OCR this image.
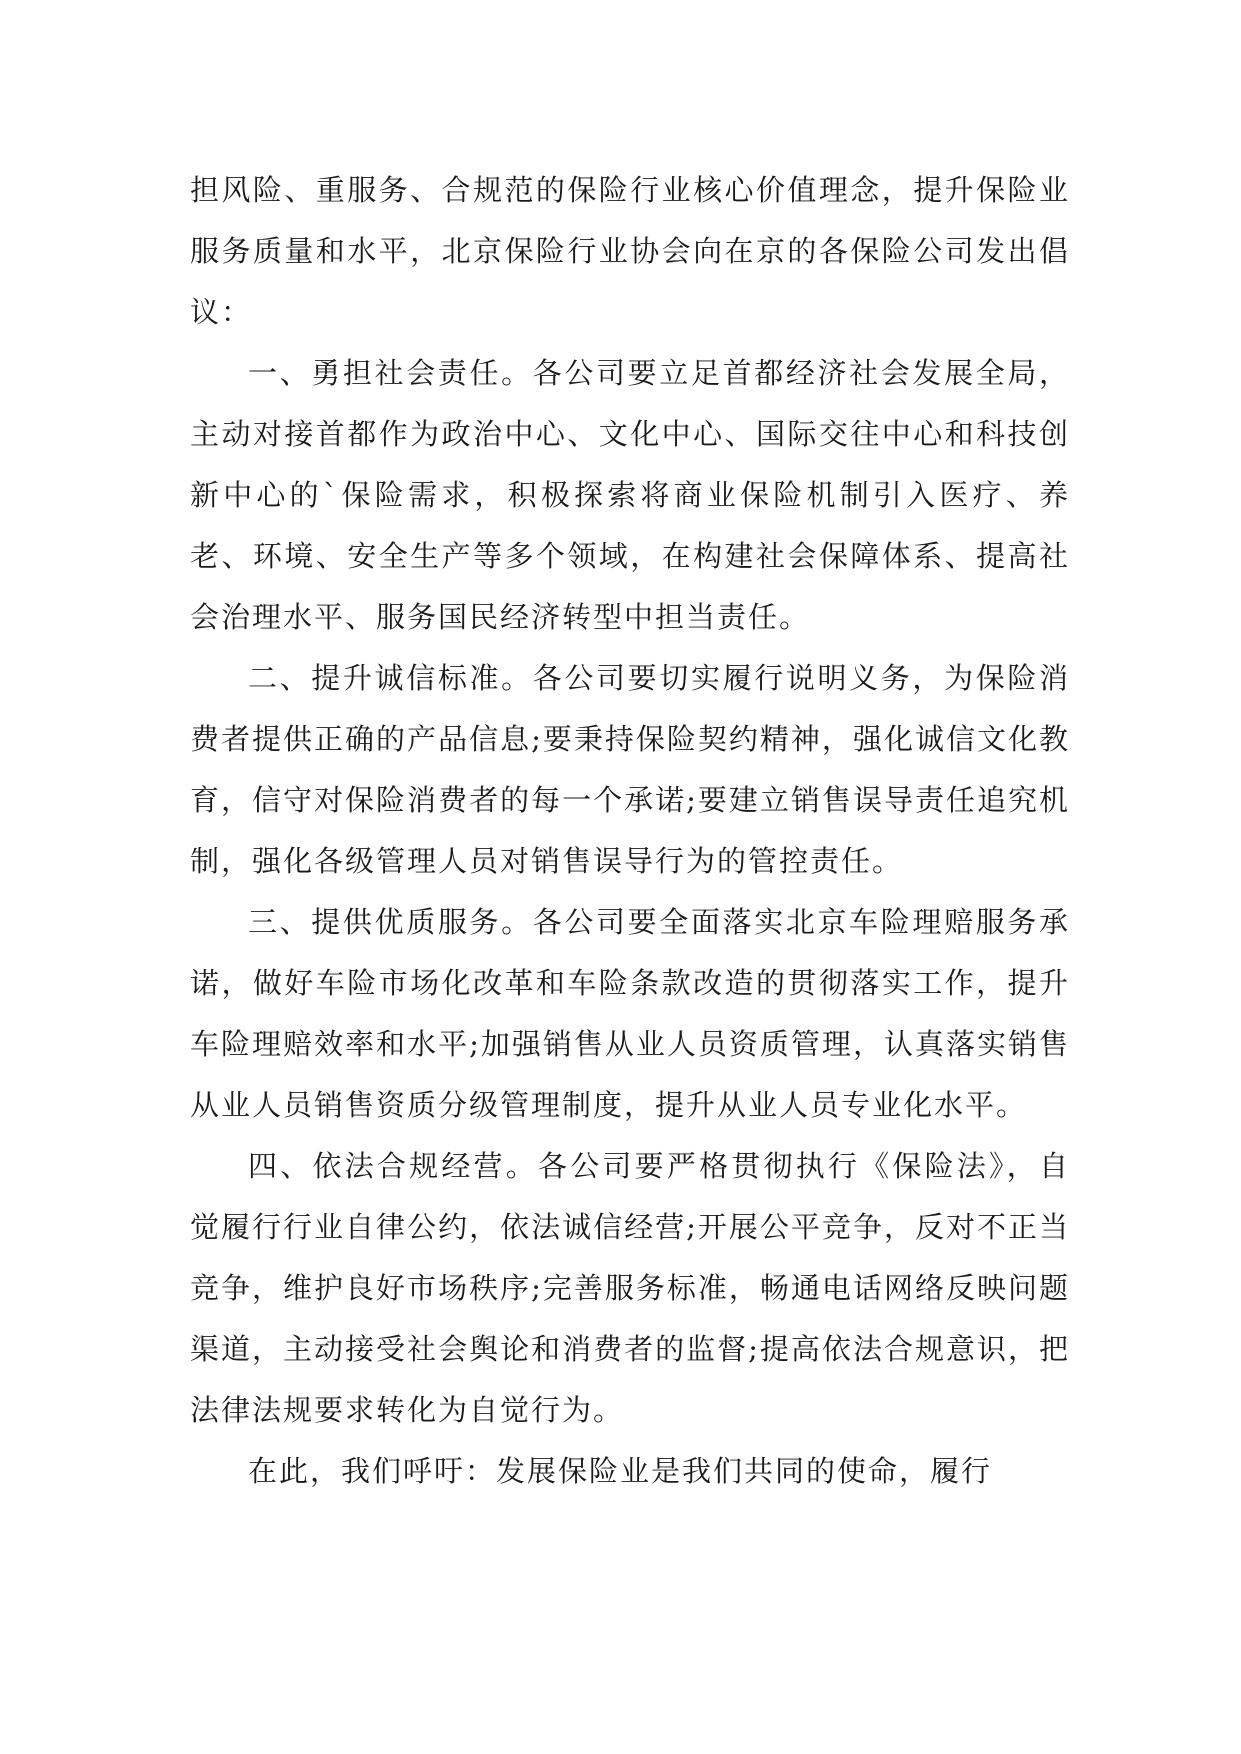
担风险、重服务、合规范的保险行业核心价值理念，提升保险业服务质量和水平，北京保险行业协会向在京的各保险公司发出倡议：

一、勇担社会责任。各公司要立足首都经济社会发展全局，主动对接首都作为政治中心、文化中心、国际交往中心和科技创新中心的`保险需求，积极探索将商业保险机制引入医疗、养老、环境、安全生产等多个领域，在构建社会保障体系、提高社会治理水平、服务国民经济转型中担当责任。

二、提升诚信标准。各公司要切实履行说明义务，为保险消费者提供正确的产品信息;要秉持保险契约精神，强化诚信文化教育，信守对保险消费者的每一个承诺;要建立销售误导责任追究机制，强化各级管理人员对销售误导行为的管控责任。

三、提供优质服务。各公司要全面落实北京车险理赔服务承诺，做好车险市场化改革和车险条款改造的贯彻落实工作，提升车险理赔效率和水平;加强销售从业人员资质管理，认真落实销售从业人员销售资质分级管理制度，提升从业人员专业化水平。

四、依法合规经营。各公司要严格贯彻执行《保险法》，自觉履行行业自律公约，依法诚信经营;开展公平竞争，反对不正当竞争，维护良好市场秩序;完善服务标准，畅通电话网络反映问题渠道，主动接受社会舆论和消费者的监督;提高依法合规意识，把法律法规要求转化为自觉行为。

在此，我们呼吁：发展保险业是我们共同的使命，履行
